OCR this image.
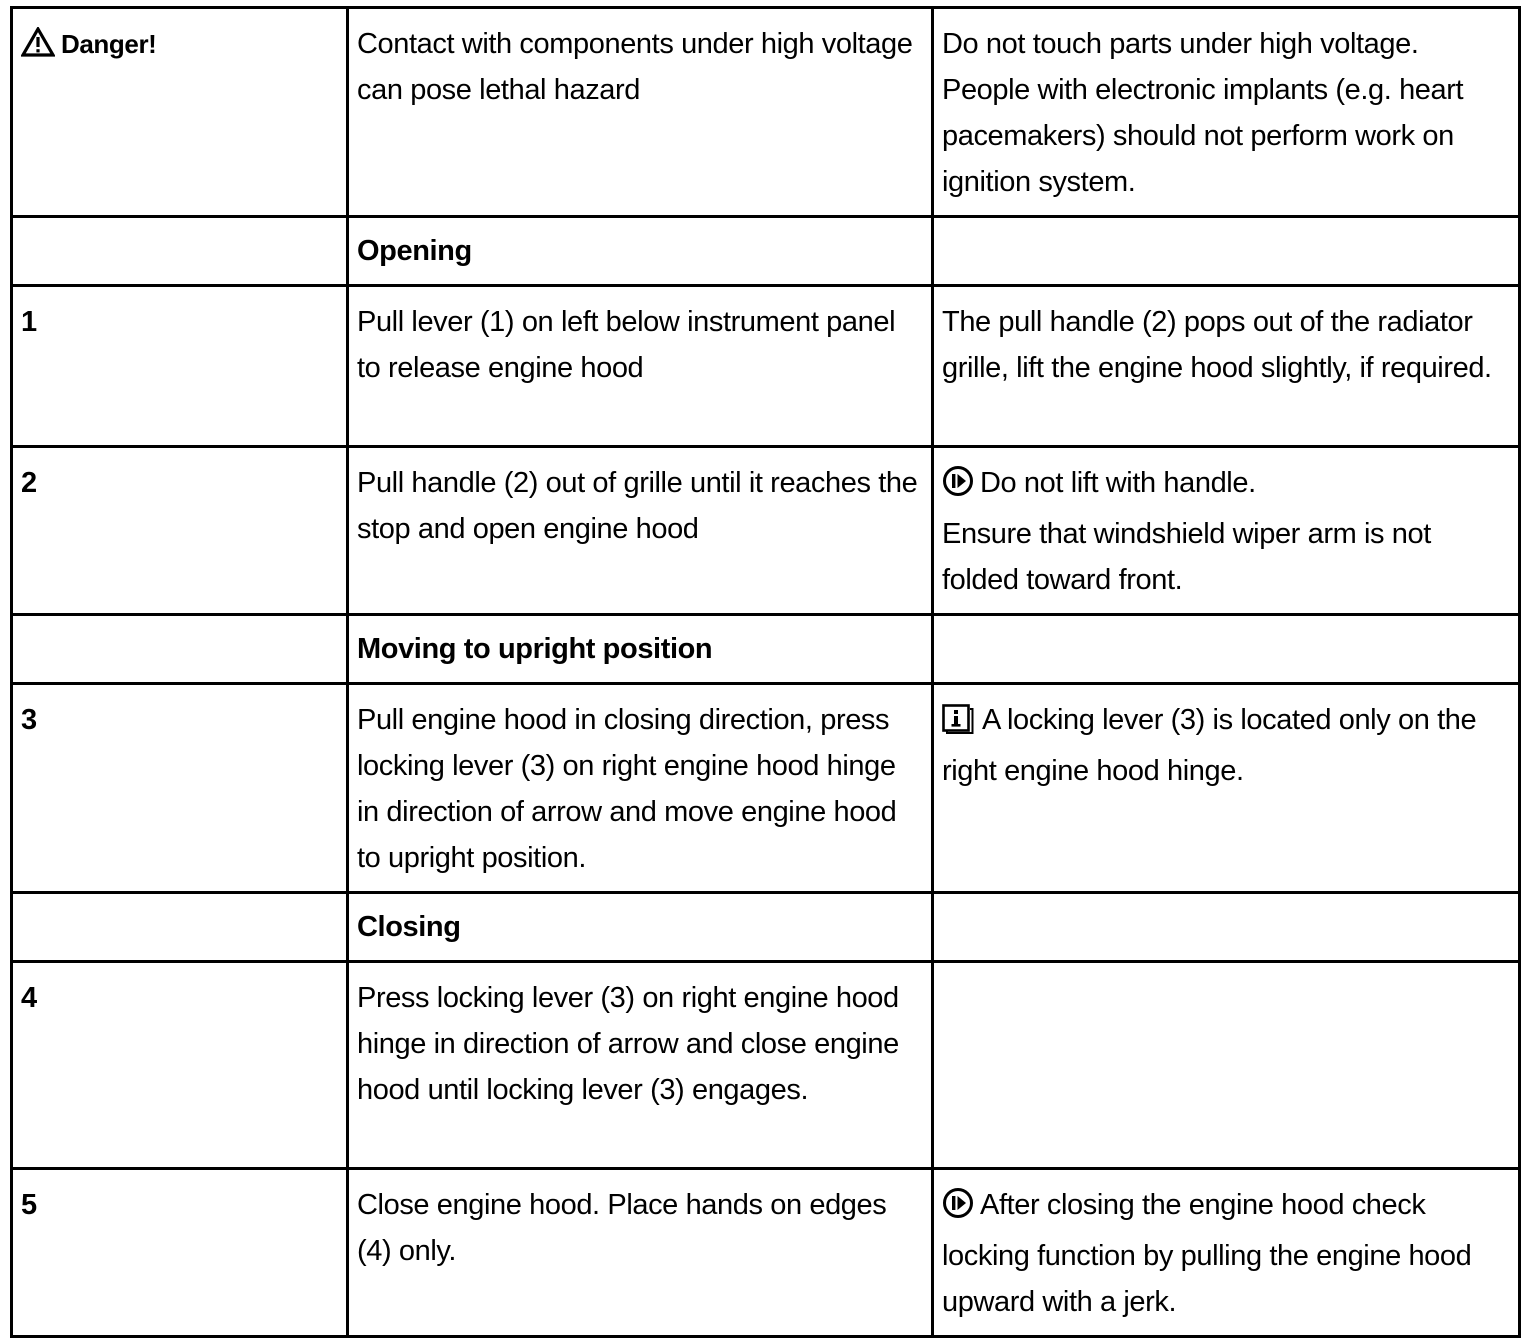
Danger!	Contact with components under high voltage can pose lethal hazard	Do not touch parts under high voltage.
People with electronic implants (e.g. heart pacemakers) should not perform work on ignition system.

	Opening	
1	Pull lever (1) on left below instrument panel to release engine hood	The pull handle (2) pops out of the radiator grille, lift the engine hood slightly, if required.
2	Pull handle (2) out of grille until it reaches the stop and open engine hood	Do not lift with handle.
Ensure that windshield wiper arm is not folded toward front.

	Moving to upright position	
3	Pull engine hood in closing direction, press locking lever (3) on right engine hood hinge in direction of arrow and move engine hood to upright position.	A locking lever (3) is located only on the right engine hood hinge.
	Closing	
4	Press locking lever (3) on right engine hood hinge in direction of arrow and close engine hood until locking lever (3) engages.	
5	Close engine hood. Place hands on edges (4) only.	After closing the engine hood check locking function by pulling the engine hood upward with a jerk.
